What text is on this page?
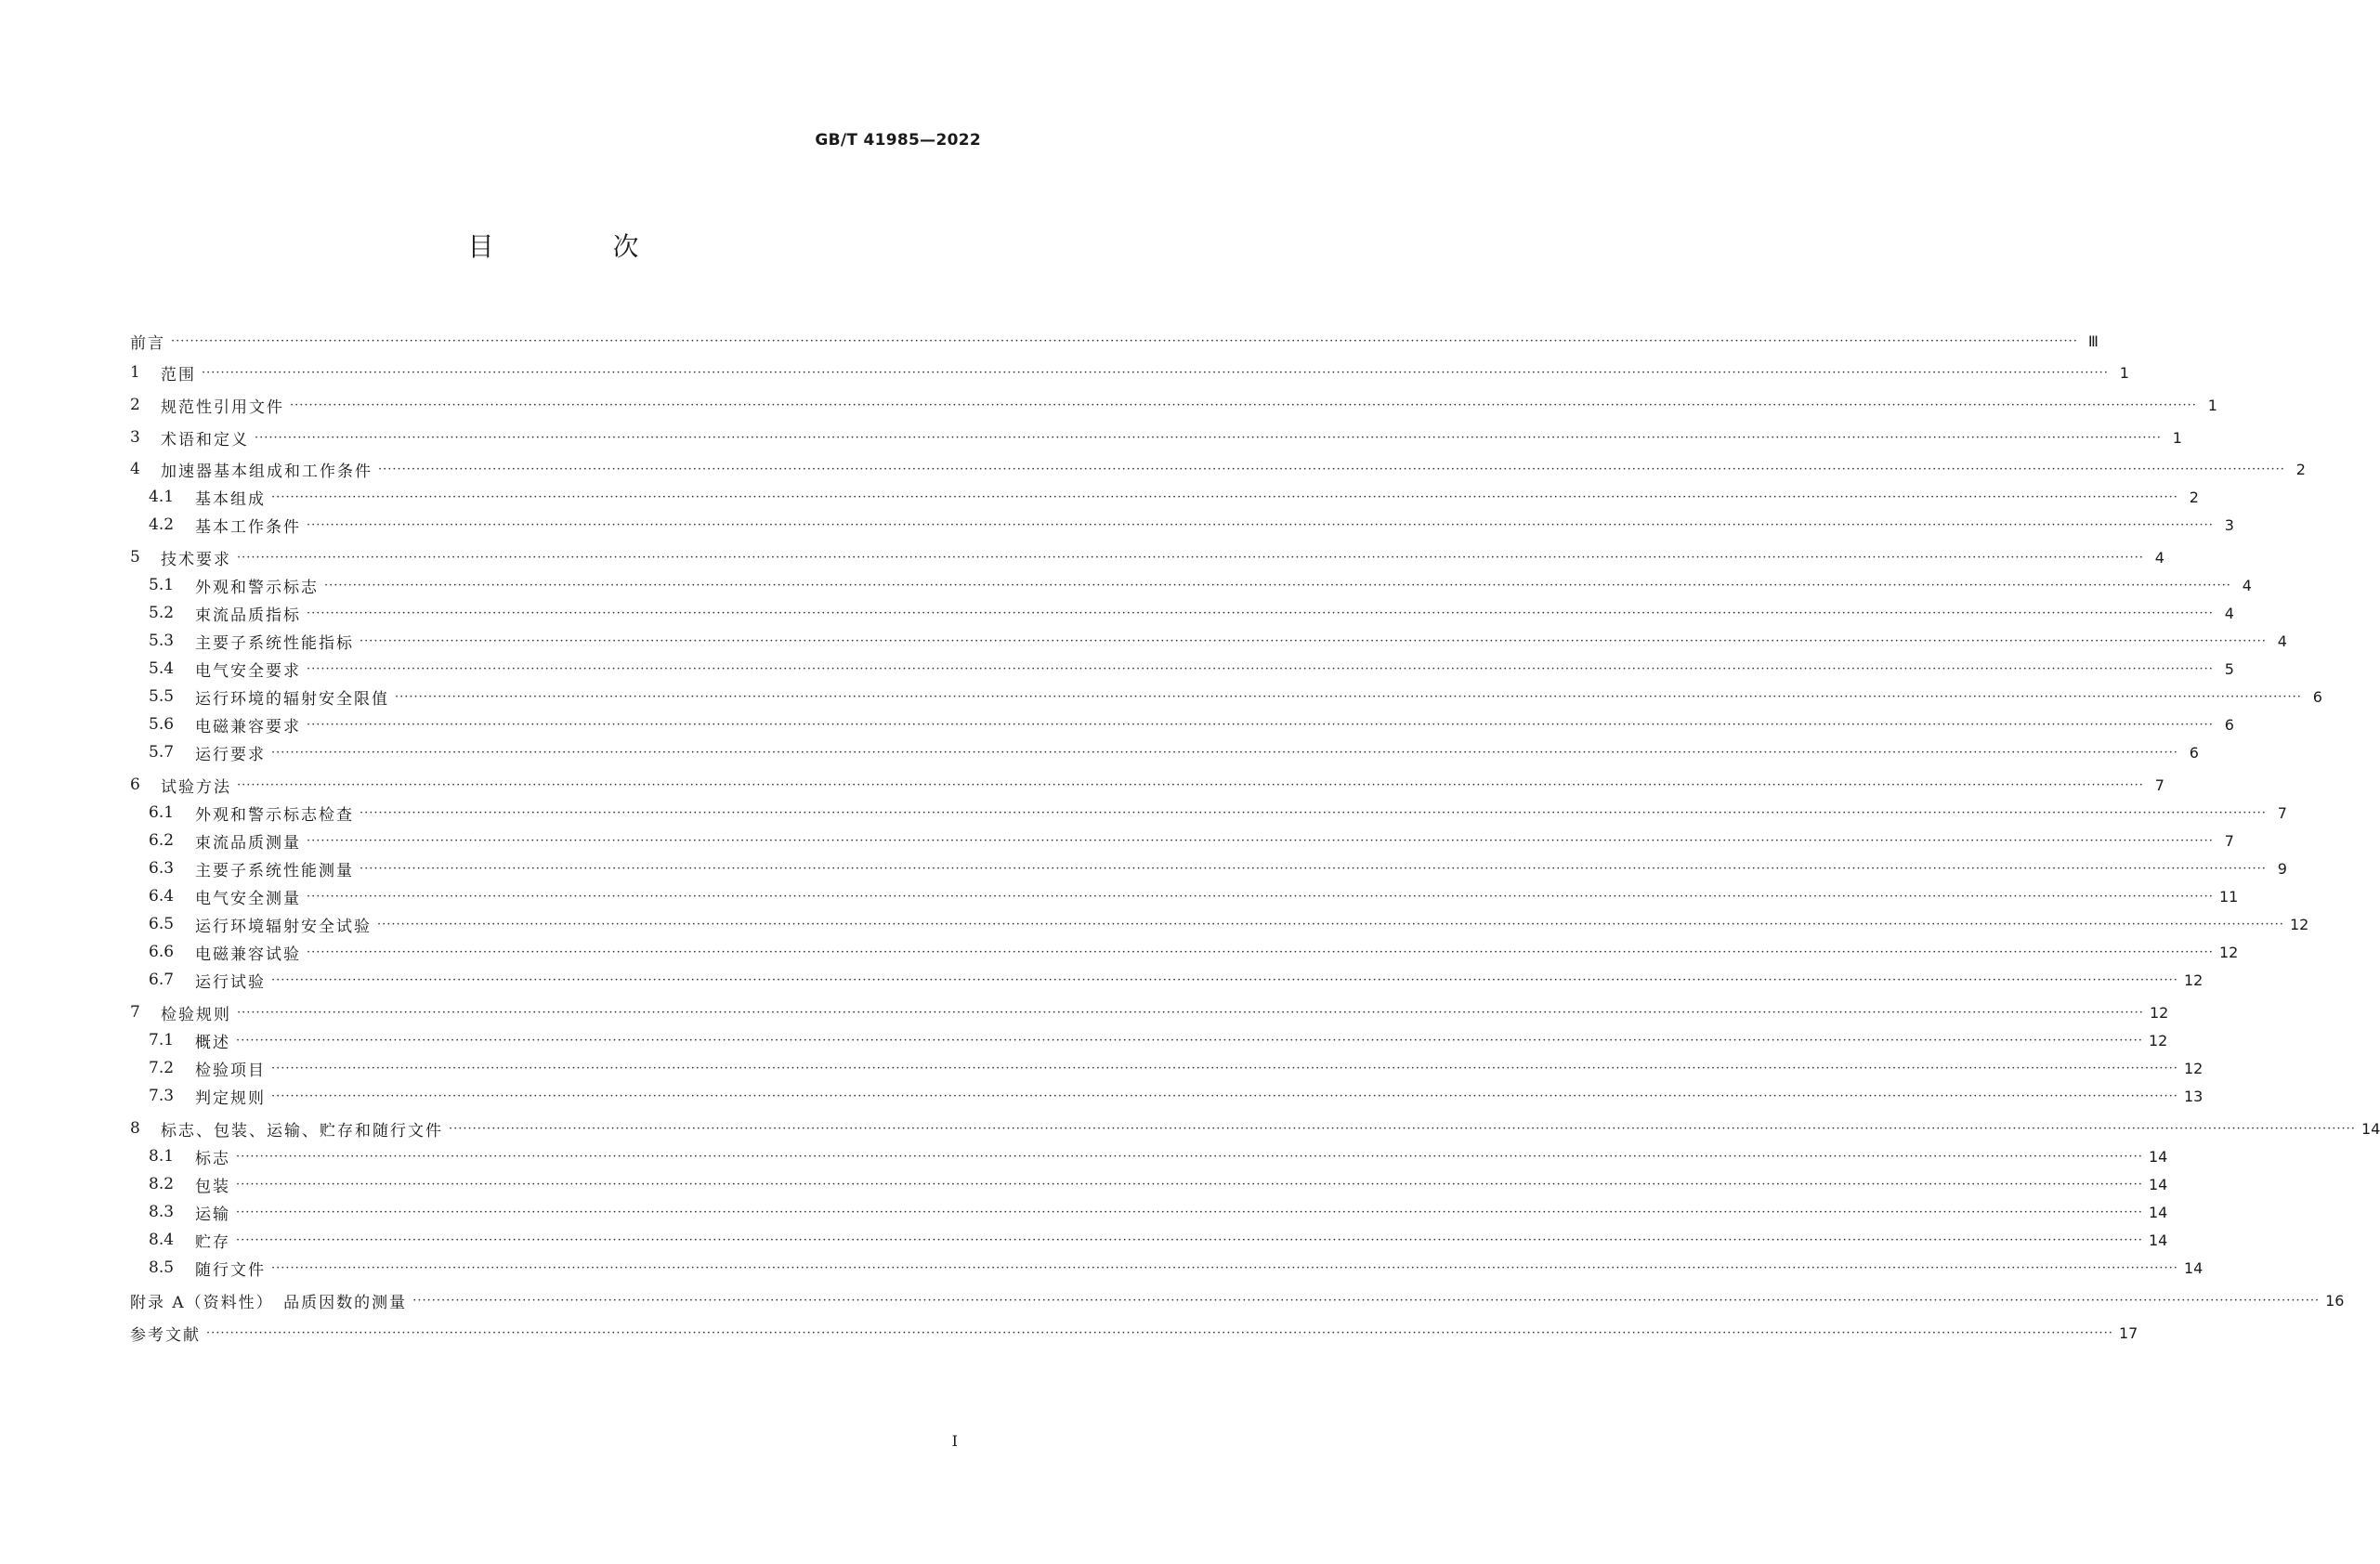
GB/T 41985—2022
目　次
前言 ················································································································································································································································································································································································································ Ⅲ
1	范围 ················································································································································································································································································································································································································ 1
2	规范性引用文件 ················································································································································································································································································································································································································ 1
3	术语和定义 ················································································································································································································································································································································································································ 1
4	加速器基本组成和工作条件 ················································································································································································································································································································································································································ 2
4.1	基本组成 ················································································································································································································································································································································································································ 2
4.2	基本工作条件 ················································································································································································································································································································································································································ 3
5	技术要求 ················································································································································································································································································································································································································ 4
5.1	外观和警示标志 ················································································································································································································································································································································································································ 4
5.2	束流品质指标 ················································································································································································································································································································································································································ 4
5.3	主要子系统性能指标 ················································································································································································································································································································································································································ 4
5.4	电气安全要求 ················································································································································································································································································································································································································ 5
5.5	运行环境的辐射安全限值 ················································································································································································································································································································································································································ 6
5.6	电磁兼容要求 ················································································································································································································································································································································································································ 6
5.7	运行要求 ················································································································································································································································································································································································································ 6
6	试验方法 ················································································································································································································································································································································································································ 7
6.1	外观和警示标志检查 ················································································································································································································································································································································································································ 7
6.2	束流品质测量 ················································································································································································································································································································································································································ 7
6.3	主要子系统性能测量 ················································································································································································································································································································································································································ 9
6.4	电气安全测量 ················································································································································································································································································································································································································ 11
6.5	运行环境辐射安全试验 ················································································································································································································································································································································································································ 12
6.6	电磁兼容试验 ················································································································································································································································································································································································································ 12
6.7	运行试验 ················································································································································································································································································································································································································ 12
7	检验规则 ················································································································································································································································································································································································································ 12
7.1	概述 ················································································································································································································································································································································································································ 12
7.2	检验项目 ················································································································································································································································································································································································································ 12
7.3	判定规则 ················································································································································································································································································································································································································ 13
8	标志、包装、运输、贮存和随行文件 ················································································································································································································································································································································································································ 14
8.1	标志 ················································································································································································································································································································································································································ 14
8.2	包装 ················································································································································································································································································································································································································ 14
8.3	运输 ················································································································································································································································································································································································································ 14
8.4	贮存 ················································································································································································································································································································································································································ 14
8.5	随行文件 ················································································································································································································································································································································································································ 14
附录 A（资料性）　品质因数的测量 ················································································································································································································································································································································································································ 16
参考文献 ················································································································································································································································································································································································································ 17
I
